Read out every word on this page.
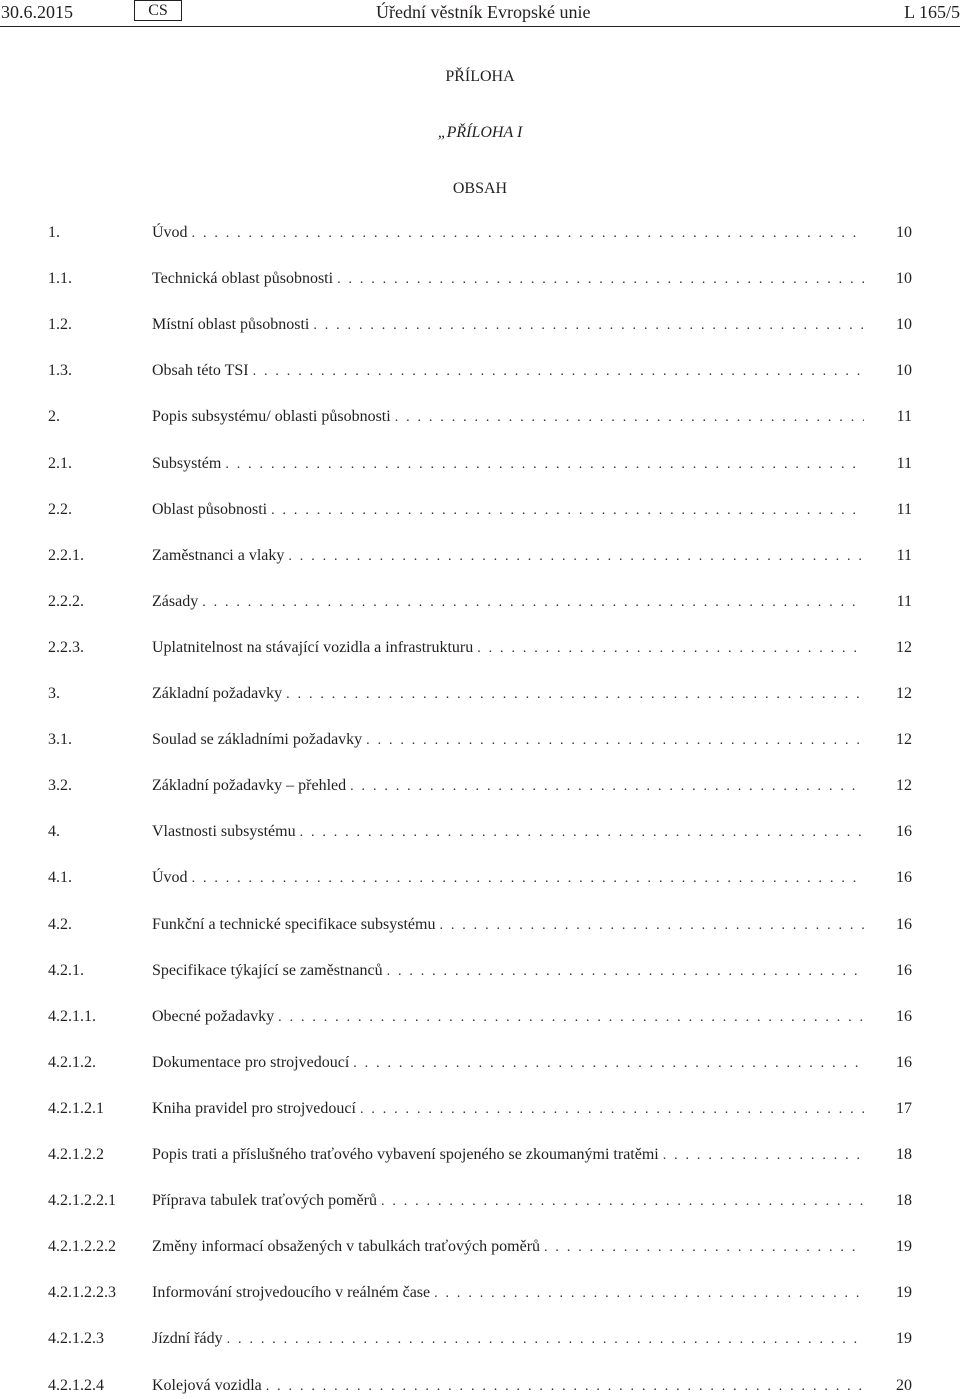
30.6.2015	CS	Úřední věstník Evropské unie	L 165/5
PŘÍLOHA
„PŘÍLOHA I
OBSAH
1.	Úvod . . .	10
1.1.	Technická oblast působnosti . . .	10
1.2.	Místní oblast působnosti . . .	10
1.3.	Obsah této TSI . . .	10
2.	Popis subsystému/ oblasti působnosti . . .	11
2.1.	Subsystém . . .	11
2.2.	Oblast působnosti . . .	11
2.2.1.	Zaměstnanci a vlaky . . .	11
2.2.2.	Zásady . . .	11
2.2.3.	Uplatnitelnost na stávající vozidla a infrastrukturu . . .	12
3.	Základní požadavky . . .	12
3.1.	Soulad se základními požadavky . . .	12
3.2.	Základní požadavky – přehled . . .	12
4.	Vlastnosti subsystému . . .	16
4.1.	Úvod . . .	16
4.2.	Funkční a technické specifikace subsystému . . .	16
4.2.1.	Specifikace týkající se zaměstnanců . . .	16
4.2.1.1.	Obecné požadavky . . .	16
4.2.1.2.	Dokumentace pro strojvedoucí . . .	16
4.2.1.2.1	Kniha pravidel pro strojvedoucí . . .	17
4.2.1.2.2	Popis trati a příslušného traťového vybavení spojeného se zkoumanými tratěmi . . .	18
4.2.1.2.2.1 Příprava tabulek traťových poměrů . . .	18
4.2.1.2.2.2 Změny informací obsažených v tabulkách traťových poměrů . . .	19
4.2.1.2.2.3 Informování strojvedoucího v reálném čase . . .	19
4.2.1.2.3	Jízdní řády . . .	19
4.2.1.2.4	Kolejová vozidla . . .	20
